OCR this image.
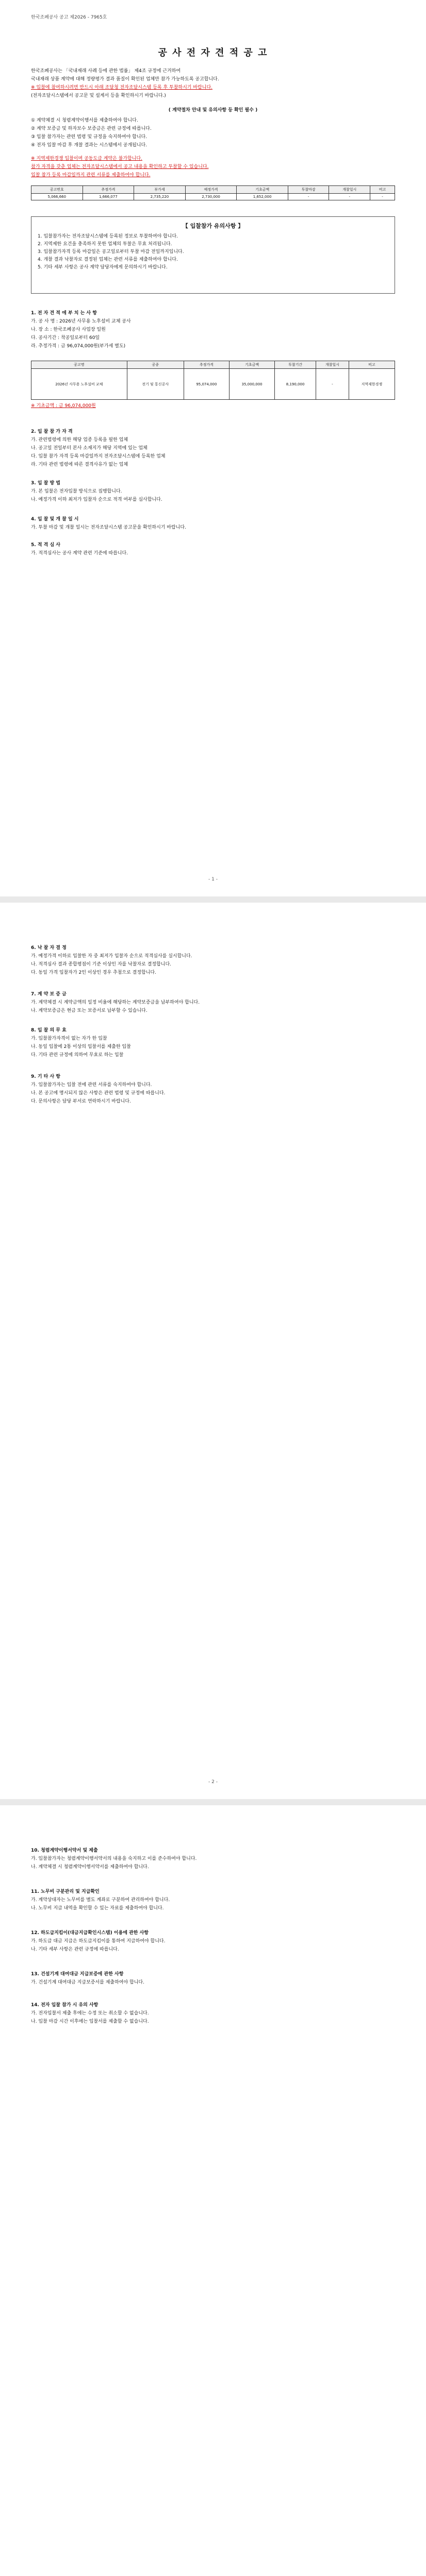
한국조폐공사 공고 제2026 - 7965호
공 사 전 자 견 적 공 고
한국조폐공사는 「국내재래 사례 등에 관한 법률」 제4조 규정에 근거하여
국내재래 상품 계약에 대해 정량평가 결과 품질이 확인된 업체만 참가 가능하도록 공고합니다.
※ 입찰에 참여하시려면 반드시 아래 조달청 전자조달시스템 등록 후 투찰하시기 바랍니다.
(전자조달시스템에서 공고문 및 설계서 등을 확인하시기 바랍니다.)
( 계약절차 안내 및 유의사항 등 확인 필수 )
① 계약체결 시 청렴계약이행서를 제출하여야 합니다.
② 계약 보증금 및 하자보수 보증금은 관련 규정에 따릅니다.
③ 입찰 참가자는 관련 법령 및 규정을 숙지하여야 합니다.
④ 전자 입찰 마감 후 개찰 결과는 시스템에서 공개됩니다.
※ 지역제한경쟁 입찰이며 공동도급 계약은 불가합니다.
참가 자격을 갖춘 업체는 전자조달시스템에서 공고 내용을 확인하고 투찰할 수 있습니다.
입찰 참가 등록 마감일까지 관련 서류를 제출하여야 합니다.
공고번호	추정가격	부가세	예정가격	기초금액	투찰마감	개찰일시	비고
5,066,660	1,666,077	2,735,220	2,730,000	1,652,000	-	-	-
【 입찰참가 유의사항 】
1. 입찰참가자는 전자조달시스템에 등록된 정보로 투찰하여야 합니다.
2. 지역제한 요건을 충족하지 못한 업체의 투찰은 무효 처리됩니다.
3. 입찰참가자격 등록 마감일은 공고일로부터 투찰 마감 전일까지입니다.
4. 개찰 결과 낙찰자로 결정된 업체는 관련 서류를 제출하여야 합니다.
5. 기타 세부 사항은 공사 계약 담당자에게 문의하시기 바랍니다.
1. 전 자 견 적 에 부 치 는 사 항
가. 공 사 명 : 2026년 사무용 노후설비 교체 공사
나. 장 소 : 한국조폐공사 사업장 일원
다. 공사기간 : 착공일로부터 60일
라. 추정가격 : 금 96,074,000원(부가세 별도)
공고명	공종	추정가격	기초금액	투찰기간	개찰일시	비고
2026년 사무용 노후설비 교체	전기 및 통신공사	95,074,000	35,000,000	8,190,000	-	지역제한경쟁
※ 기초금액 : 금 96,074,000원
2. 입 찰 참 가 자 격
가. 관련법령에 의한 해당 업종 등록을 필한 업체
나. 공고일 전일부터 본사 소재지가 해당 지역에 있는 업체
다. 입찰 참가 자격 등록 마감일까지 전자조달시스템에 등록한 업체
라. 기타 관련 법령에 따른 결격사유가 없는 업체
3. 입 찰 방 법
가. 본 입찰은 전자입찰 방식으로 집행합니다.
나. 예정가격 이하 최저가 입찰자 순으로 적격 여부를 심사합니다.
4. 입 찰 및 개 찰 일 시
가. 투찰 마감 및 개찰 일시는 전자조달시스템 공고문을 확인하시기 바랍니다.
5. 적 격 심 사
가. 적격심사는 공사 계약 관련 기준에 따릅니다.
- 1 -
6. 낙 찰 자 결 정
가. 예정가격 이하로 입찰한 자 중 최저가 입찰자 순으로 적격심사를 실시합니다.
나. 적격심사 결과 종합평점이 기준 이상인 자를 낙찰자로 결정합니다.
다. 동일 가격 입찰자가 2인 이상인 경우 추첨으로 결정합니다.
7. 계 약 보 증 금
가. 계약체결 시 계약금액의 일정 비율에 해당하는 계약보증금을 납부하여야 합니다.
나. 계약보증금은 현금 또는 보증서로 납부할 수 있습니다.
8. 입 찰 의 무 효
가. 입찰참가자격이 없는 자가 한 입찰
나. 동일 입찰에 2통 이상의 입찰서를 제출한 입찰
다. 기타 관련 규정에 의하여 무효로 하는 입찰
9. 기 타 사 항
가. 입찰참가자는 입찰 전에 관련 서류를 숙지하여야 합니다.
나. 본 공고에 명시되지 않은 사항은 관련 법령 및 규정에 따릅니다.
다. 문의사항은 담당 부서로 연락하시기 바랍니다.
- 2 -
10. 청렴계약이행서약서 및 제출
가. 입찰참가자는 청렴계약이행서약서의 내용을 숙지하고 이를 준수하여야 합니다.
나. 계약체결 시 청렴계약이행서약서를 제출하여야 합니다.
11. 노무비 구분관리 및 지급확인
가. 계약상대자는 노무비를 별도 계좌로 구분하여 관리하여야 합니다.
나. 노무비 지급 내역을 확인할 수 있는 자료를 제출하여야 합니다.
12. 하도급지킴이(대금지급확인시스템) 이용에 관한 사항
가. 하도급 대금 지급은 하도급지킴이를 통하여 지급하여야 합니다.
나. 기타 세부 사항은 관련 규정에 따릅니다.
13. 건설기계 대여대금 지급보증에 관한 사항
가. 건설기계 대여대금 지급보증서를 제출하여야 합니다.
14. 전자 입찰 참가 시 유의 사항
가. 전자입찰서 제출 후에는 수정 또는 취소할 수 없습니다.
나. 입찰 마감 시간 이후에는 입찰서를 제출할 수 없습니다.
